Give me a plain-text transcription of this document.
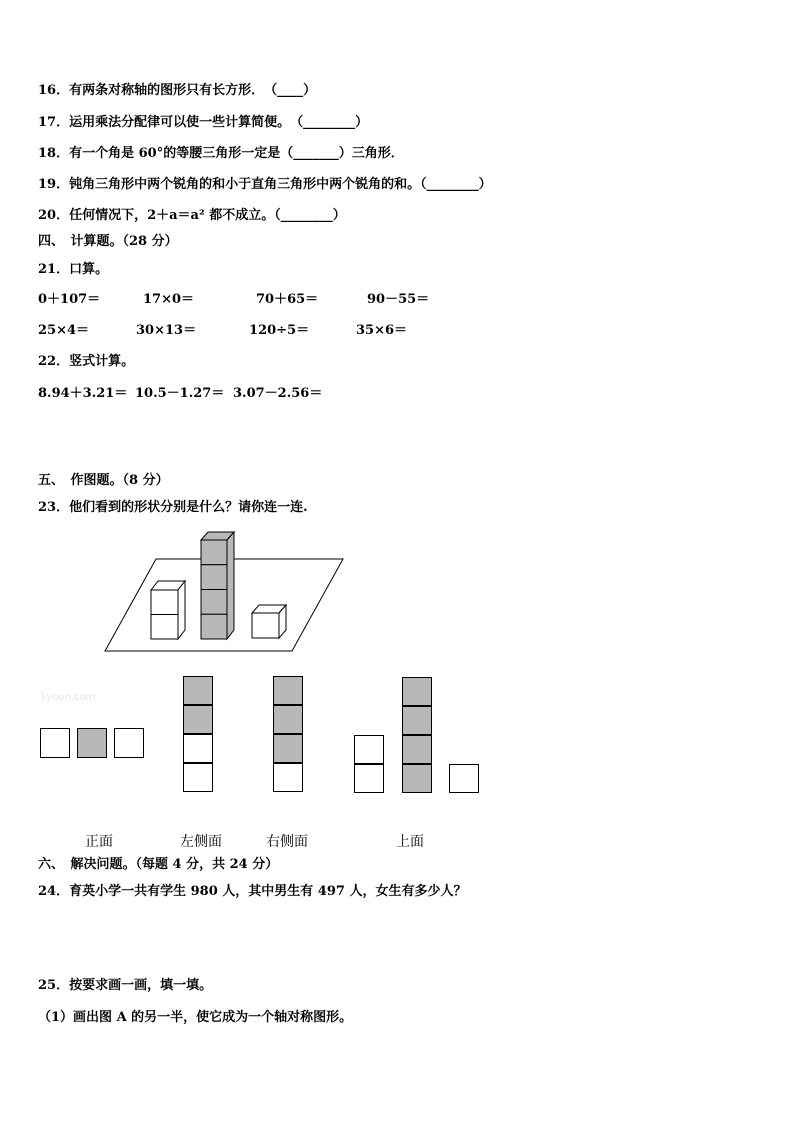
16．有两条对称轴的图形只有长方形．　（____）
17．运用乘法分配律可以使一些计算简便。　（________）
18．有一个角是 60°的等腰三角形一定是（_______）三角形．
19．钝角三角形中两个锐角的和小于直角三角形中两个锐角的和。（________）
20．任何情况下，2＋a＝a² 都不成立。（________）
四、　计算题。（28 分）
21．口算。
0＋107＝	17×0＝	70＋65＝	90－55＝
25×4＝	30×13＝	120÷5＝	35×6＝
22．竖式计算。
8.94＋3.21＝ 10.5－1.27＝ 3.07－2.56＝
五、　作图题。（8 分）
23．他们看到的形状分别是什么？请你连一连.
1yoon.com
正面	左侧面	右侧面	上面
六、　解决问题。（每题 4 分，共 24 分）
24．育英小学一共有学生 980 人，其中男生有 497 人，女生有多少人？
25．按要求画一画，填一填。
（1）画出图 A 的另一半，使它成为一个轴对称图形。
